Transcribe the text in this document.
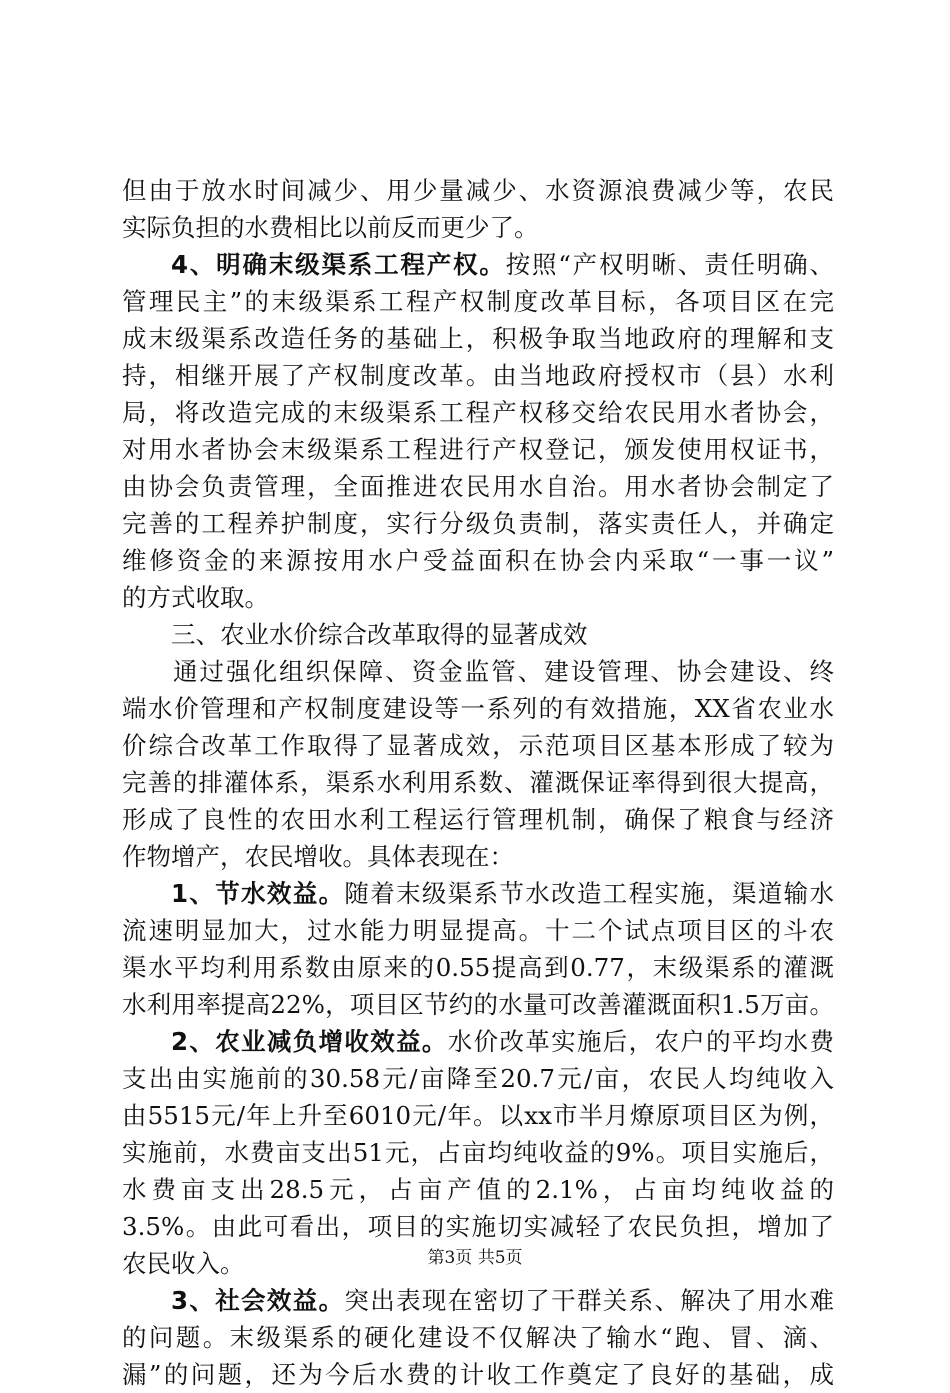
但由于放水时间减少、用少量减少、水资源浪费减少等，农民
实际负担的水费相比以前反而更少了。
4、明确末级渠系工程产权。按照“产权明晰、责任明确、
管理民主”的末级渠系工程产权制度改革目标，各项目区在完
成末级渠系改造任务的基础上，积极争取当地政府的理解和支
持，相继开展了产权制度改革。由当地政府授权市（县）水利
局，将改造完成的末级渠系工程产权移交给农民用水者协会，
对用水者协会末级渠系工程进行产权登记，颁发使用权证书，
由协会负责管理，全面推进农民用水自治。用水者协会制定了
完善的工程养护制度，实行分级负责制，落实责任人，并确定
维修资金的来源按用水户受益面积在协会内采取“一事一议”
的方式收取。
三、农业水价综合改革取得的显著成效
通过强化组织保障、资金监管、建设管理、协会建设、终
端水价管理和产权制度建设等一系列的有效措施，XX省农业水
价综合改革工作取得了显著成效，示范项目区基本形成了较为
完善的排灌体系，渠系水利用系数、灌溉保证率得到很大提高，
形成了良性的农田水利工程运行管理机制，确保了粮食与经济
作物增产，农民增收。具体表现在：
1、节水效益。随着末级渠系节水改造工程实施，渠道输水
流速明显加大，过水能力明显提高。十二个试点项目区的斗农
渠水平均利用系数由原来的0.55提高到0.77，末级渠系的灌溉
水利用率提高22%，项目区节约的水量可改善灌溉面积1.5万亩。
2、农业减负增收效益。水价改革实施后，农户的平均水费
支出由实施前的30.58元/亩降至20.7元/亩，农民人均纯收入
由5515元/年上升至6010元/年。以xx市半月燎原项目区为例，
实施前，水费亩支出51元，占亩均纯收益的9%。项目实施后，
水费亩支出28.5元，占亩产值的2.1%，占亩均纯收益的
3.5%。由此可看出，项目的实施切实减轻了农民负担，增加了
农民收入。
3、社会效益。突出表现在密切了干群关系、解决了用水难
的问题。末级渠系的硬化建设不仅解决了输水“跑、冒、滴、
漏”的问题，还为今后水费的计收工作奠定了良好的基础，成
第3页 共5页
